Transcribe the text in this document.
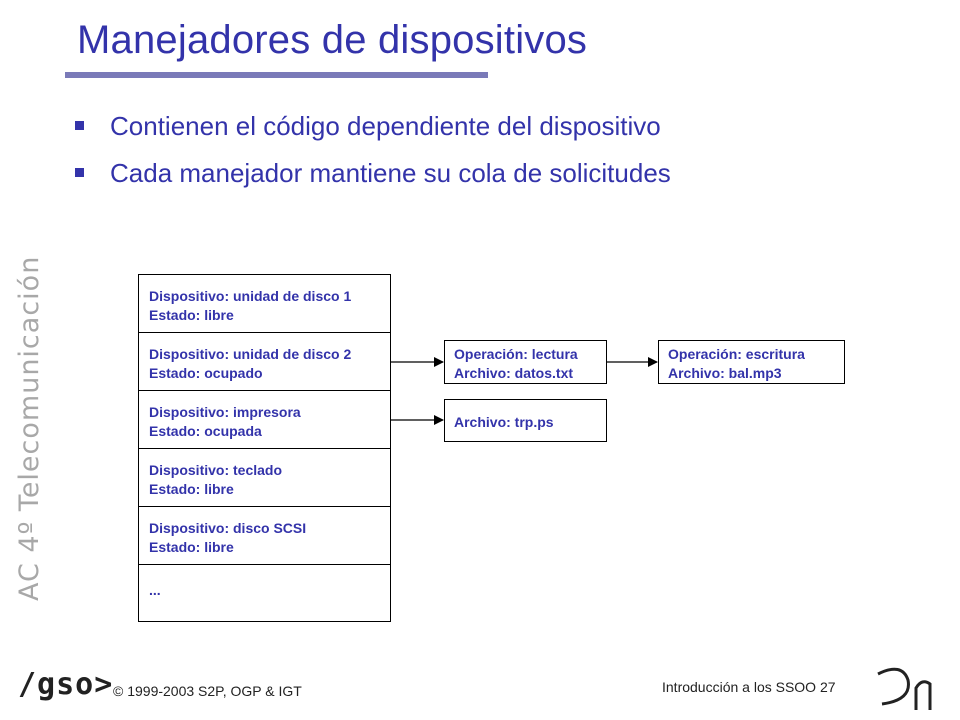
Manejadores de dispositivos
Contienen el código dependiente del dispositivo
Cada manejador mantiene su cola de solicitudes
AC 4º Telecomunicación	Dispositivo: unidad de disco 1
Estado: libre
Dispositivo: unidad de disco 2
Estado: ocupado
Dispositivo: impresora
Estado: ocupada
Dispositivo: teclado
Estado: libre
Dispositivo: disco SCSI
Estado: libre
...
Operación: lectura
Archivo: datos.txt
Operación: escritura
Archivo: bal.mp3
Archivo: trp.ps
/gso> © 1999-2003 S2P, OGP & IGT	Introducción a los SSOO 27
